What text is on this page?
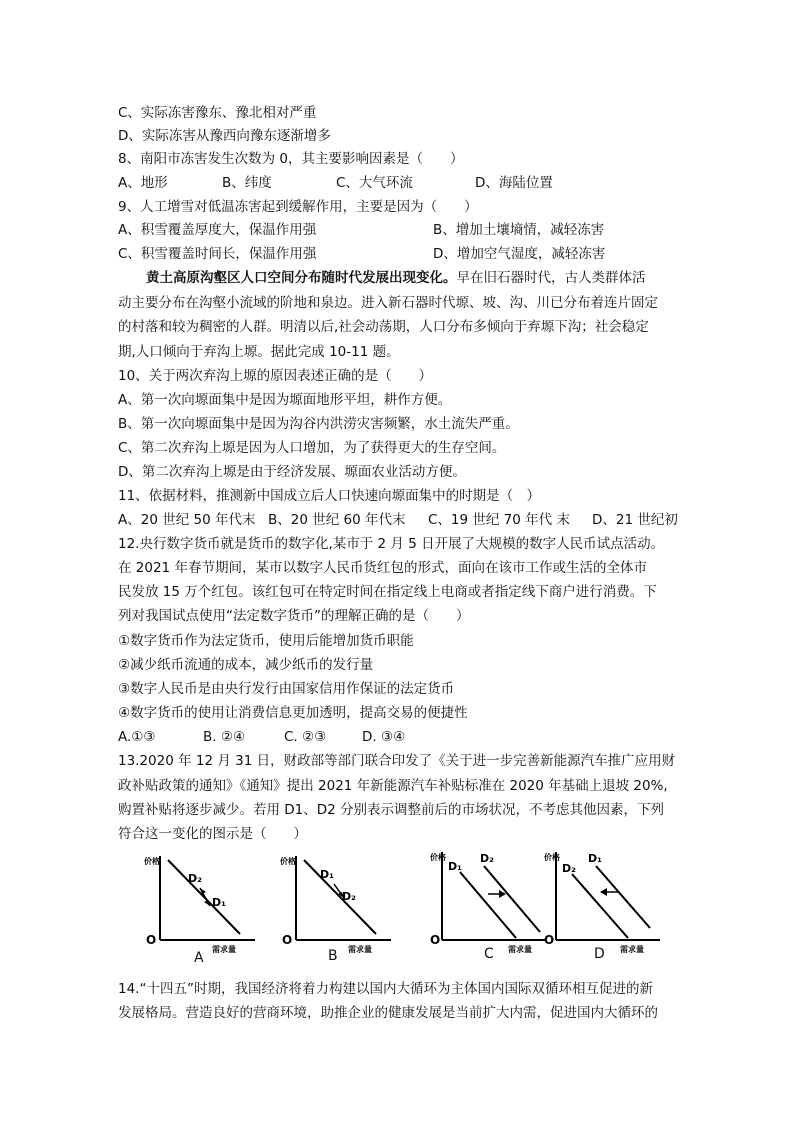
C、实际冻害豫东、豫北相对严重
D、实际冻害从豫西向豫东逐渐增多
8、南阳市冻害发生次数为 0，其主要影响因素是（　　）
A、地形	B、纬度	C、大气环流	D、海陆位置
9、人工增雪对低温冻害起到缓解作用，主要是因为（　　）
A、积雪覆盖厚度大，保温作用强	B、增加土壤墒情，减轻冻害
C、积雪覆盖时间长，保温作用强	D、增加空气湿度，减轻冻害
黄土高原沟壑区人口空间分布随时代发展出现变化。早在旧石器时代，古人类群体活
动主要分布在沟壑小流域的阶地和泉边。进入新石器时代塬、坡、沟、川已分布着连片固定
的村落和较为稠密的人群。明清以后,社会动荡期，人口分布多倾向于弃塬下沟；社会稳定
期,人口倾向于弃沟上塬。据此完成 10-11 题。
10、关于两次弃沟上塬的原因表述正确的是（　　）
A、第一次向塬面集中是因为塬面地形平坦，耕作方便。
B、第一次向塬面集中是因为沟谷内洪涝灾害频繁，水土流失严重。
C、第二次弃沟上塬是因为人口增加，为了获得更大的生存空间。
D、第二次弃沟上塬是由于经济发展、塬面农业活动方便。
11、依据材料，推测新中国成立后人口快速向塬面集中的时期是（　）
A、20 世纪 50 年代末 B、20 世纪 60 年代末 C、19 世纪 70 年代 末 D、21 世纪初
12.央行数字货币就是货币的数字化,某市于 2 月 5 日开展了大规模的数字人民币试点活动。
在 2021 年春节期间，某市以数字人民币货红包的形式，面向在该市工作或生活的全体市
民发放 15 万个红包。该红包可在特定时间在指定线上电商或者指定线下商户进行消费。下
列对我国试点使用“法定数字货币”的理解正确的是（　　）
①数字货币作为法定货币，使用后能增加货币职能
②减少纸币流通的成本，减少纸币的发行量
③数字人民币是由央行发行由国家信用作保证的法定货币
④数字货币的使用让消费信息更加透明，提高交易的便捷性
A.①③	B. ②④	C. ②③	D. ③④
13.2020 年 12 月 31 日，财政部等部门联合印发了《关于进一步完善新能源汽车推广应用财
政补贴政策的通知》《通知》提出 2021 年新能源汽车补贴标准在 2020 年基础上退坡 20%,
购置补贴将逐步减少。若用 D1、D2 分别表示调整前后的市场状况，不考虑其他因素，下列
符合这一变化的图示是（　　）
价格
需求量
O
D₂
D₁
A
价格
需求量
O
D₁
D₂
B
价格
需求量
O
D₁
D₂
C
价格
需求量
O
D₂
D₁
D
14.“十四五”时期，我国经济将着力构建以国内大循环为主体国内国际双循环相互促进的新
发展格局。营造良好的营商环境，助推企业的健康发展是当前扩大内需，促进国内大循环的
